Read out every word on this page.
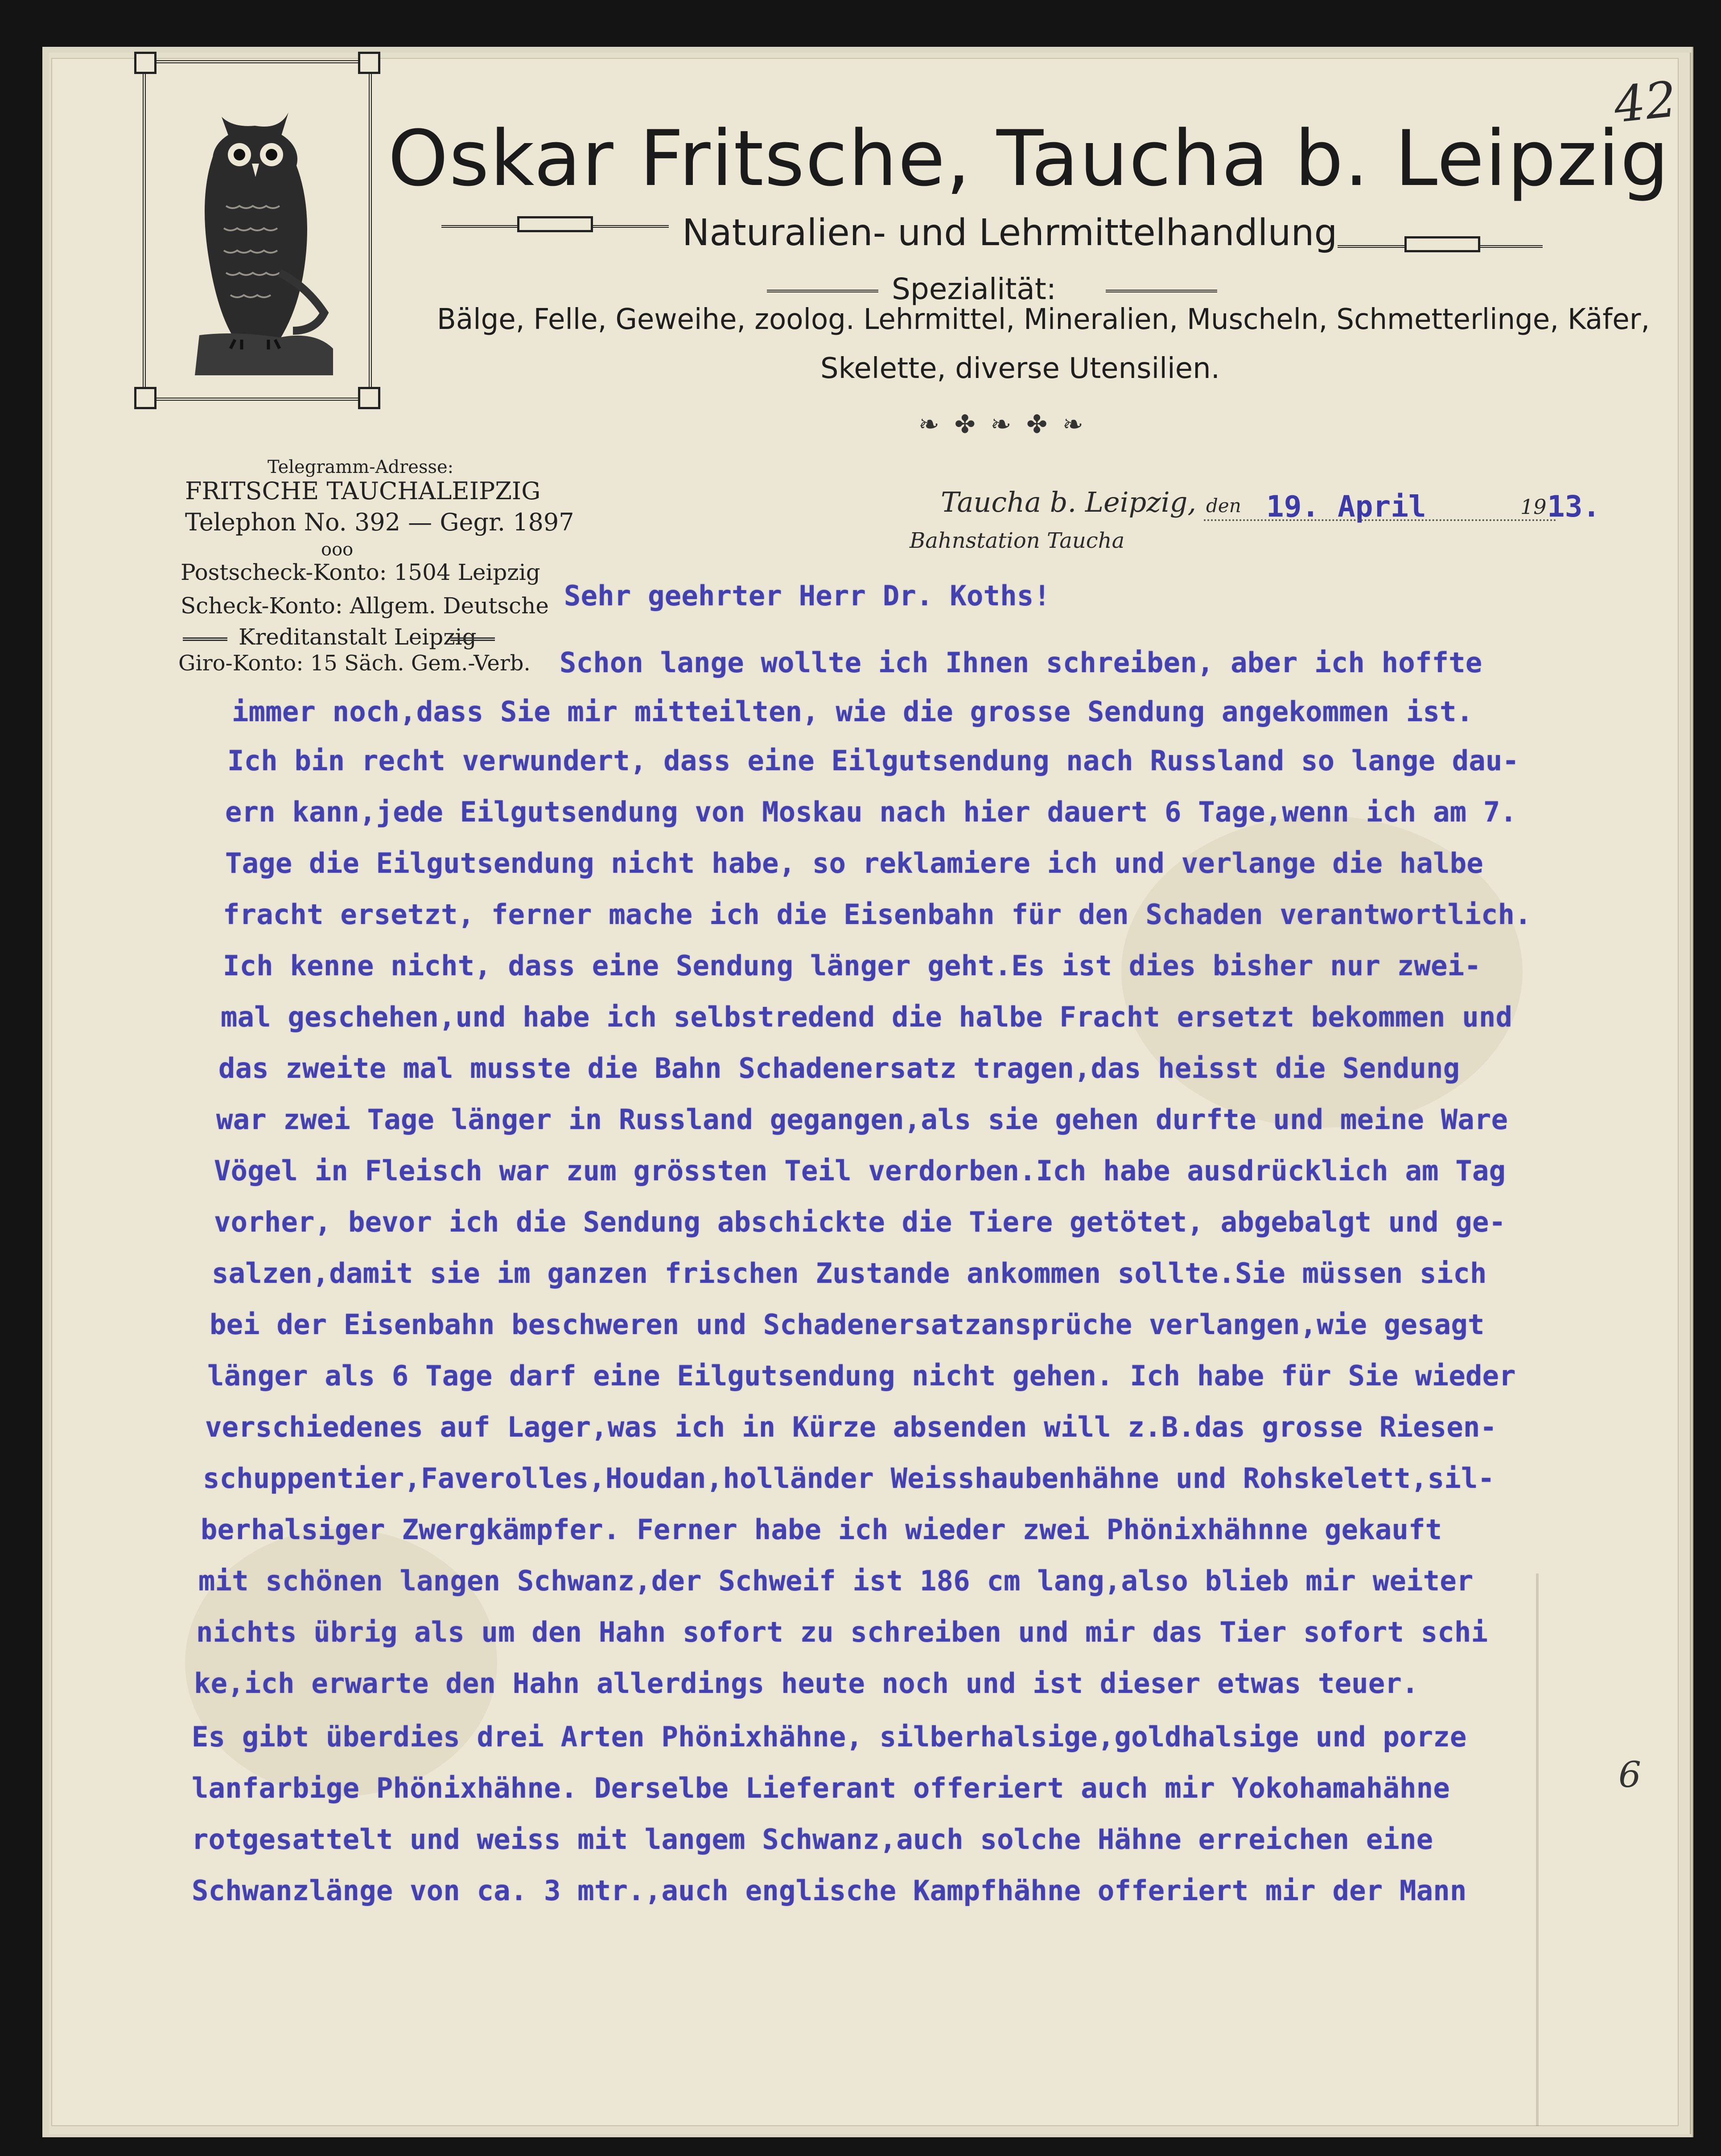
42
Oskar Fritsche, Taucha b. Leipzig
Naturalien- und Lehrmittelhandlung
Spezialität:
Bälge, Felle, Geweihe, zoolog. Lehrmittel, Mineralien, Muscheln, Schmetterlinge, Käfer,
Skelette, diverse Utensilien.
❧ ✤ ❧ ✤ ❧
Telegramm-Adresse:
FRITSCHE TAUCHALEIPZIG
Telephon No. 392 — Gegr. 1897
ooo
Postscheck-Konto: 1504 Leipzig
Scheck-Konto: Allgem. Deutsche
Kreditanstalt Leipzig
Giro-Konto: 15 Säch. Gem.-Verb.
Taucha b. Leipzig, den 19. April	19 13.
Bahnstation Taucha
Sehr geehrter Herr Dr. Koths!
Schon lange wollte ich Ihnen schreiben, aber ich hoffte
immer noch,dass Sie mir mitteilten, wie die grosse Sendung angekommen ist.
Ich bin recht verwundert, dass eine Eilgutsendung nach Russland so lange dau-
ern kann,jede Eilgutsendung von Moskau nach hier dauert 6 Tage,wenn ich am 7.
Tage die Eilgutsendung nicht habe, so reklamiere ich und verlange die halbe
fracht ersetzt, ferner mache ich die Eisenbahn für den Schaden verantwortlich.
Ich kenne nicht, dass eine Sendung länger geht.Es ist dies bisher nur zwei-
mal geschehen,und habe ich selbstredend die halbe Fracht ersetzt bekommen und
das zweite mal musste die Bahn Schadenersatz tragen,das heisst die Sendung
war zwei Tage länger in Russland gegangen,als sie gehen durfte und meine Ware
Vögel in Fleisch war zum grössten Teil verdorben.Ich habe ausdrücklich am Tag
vorher, bevor ich die Sendung abschickte die Tiere getötet, abgebalgt und ge-
salzen,damit sie im ganzen frischen Zustande ankommen sollte.Sie müssen sich
bei der Eisenbahn beschweren und Schadenersatzansprüche verlangen,wie gesagt
länger als 6 Tage darf eine Eilgutsendung nicht gehen. Ich habe für Sie wieder
verschiedenes auf Lager,was ich in Kürze absenden will z.B.das grosse Riesen-
schuppentier,Faverolles,Houdan,holländer Weisshaubenhähne und Rohskelett,sil-
berhalsiger Zwergkämpfer. Ferner habe ich wieder zwei Phönixhähnne gekauft
mit schönen langen Schwanz,der Schweif ist 186 cm lang,also blieb mir weiter
nichts übrig als um den Hahn sofort zu schreiben und mir das Tier sofort schi
ke,ich erwarte den Hahn allerdings heute noch und ist dieser etwas teuer.
Es gibt überdies drei Arten Phönixhähne, silberhalsige,goldhalsige und porze
lanfarbige Phönixhähne. Derselbe Lieferant offeriert auch mir Yokohamahähne
rotgesattelt und weiss mit langem Schwanz,auch solche Hähne erreichen eine
Schwanzlänge von ca. 3 mtr.,auch englische Kampfhähne offeriert mir der Mann
6
